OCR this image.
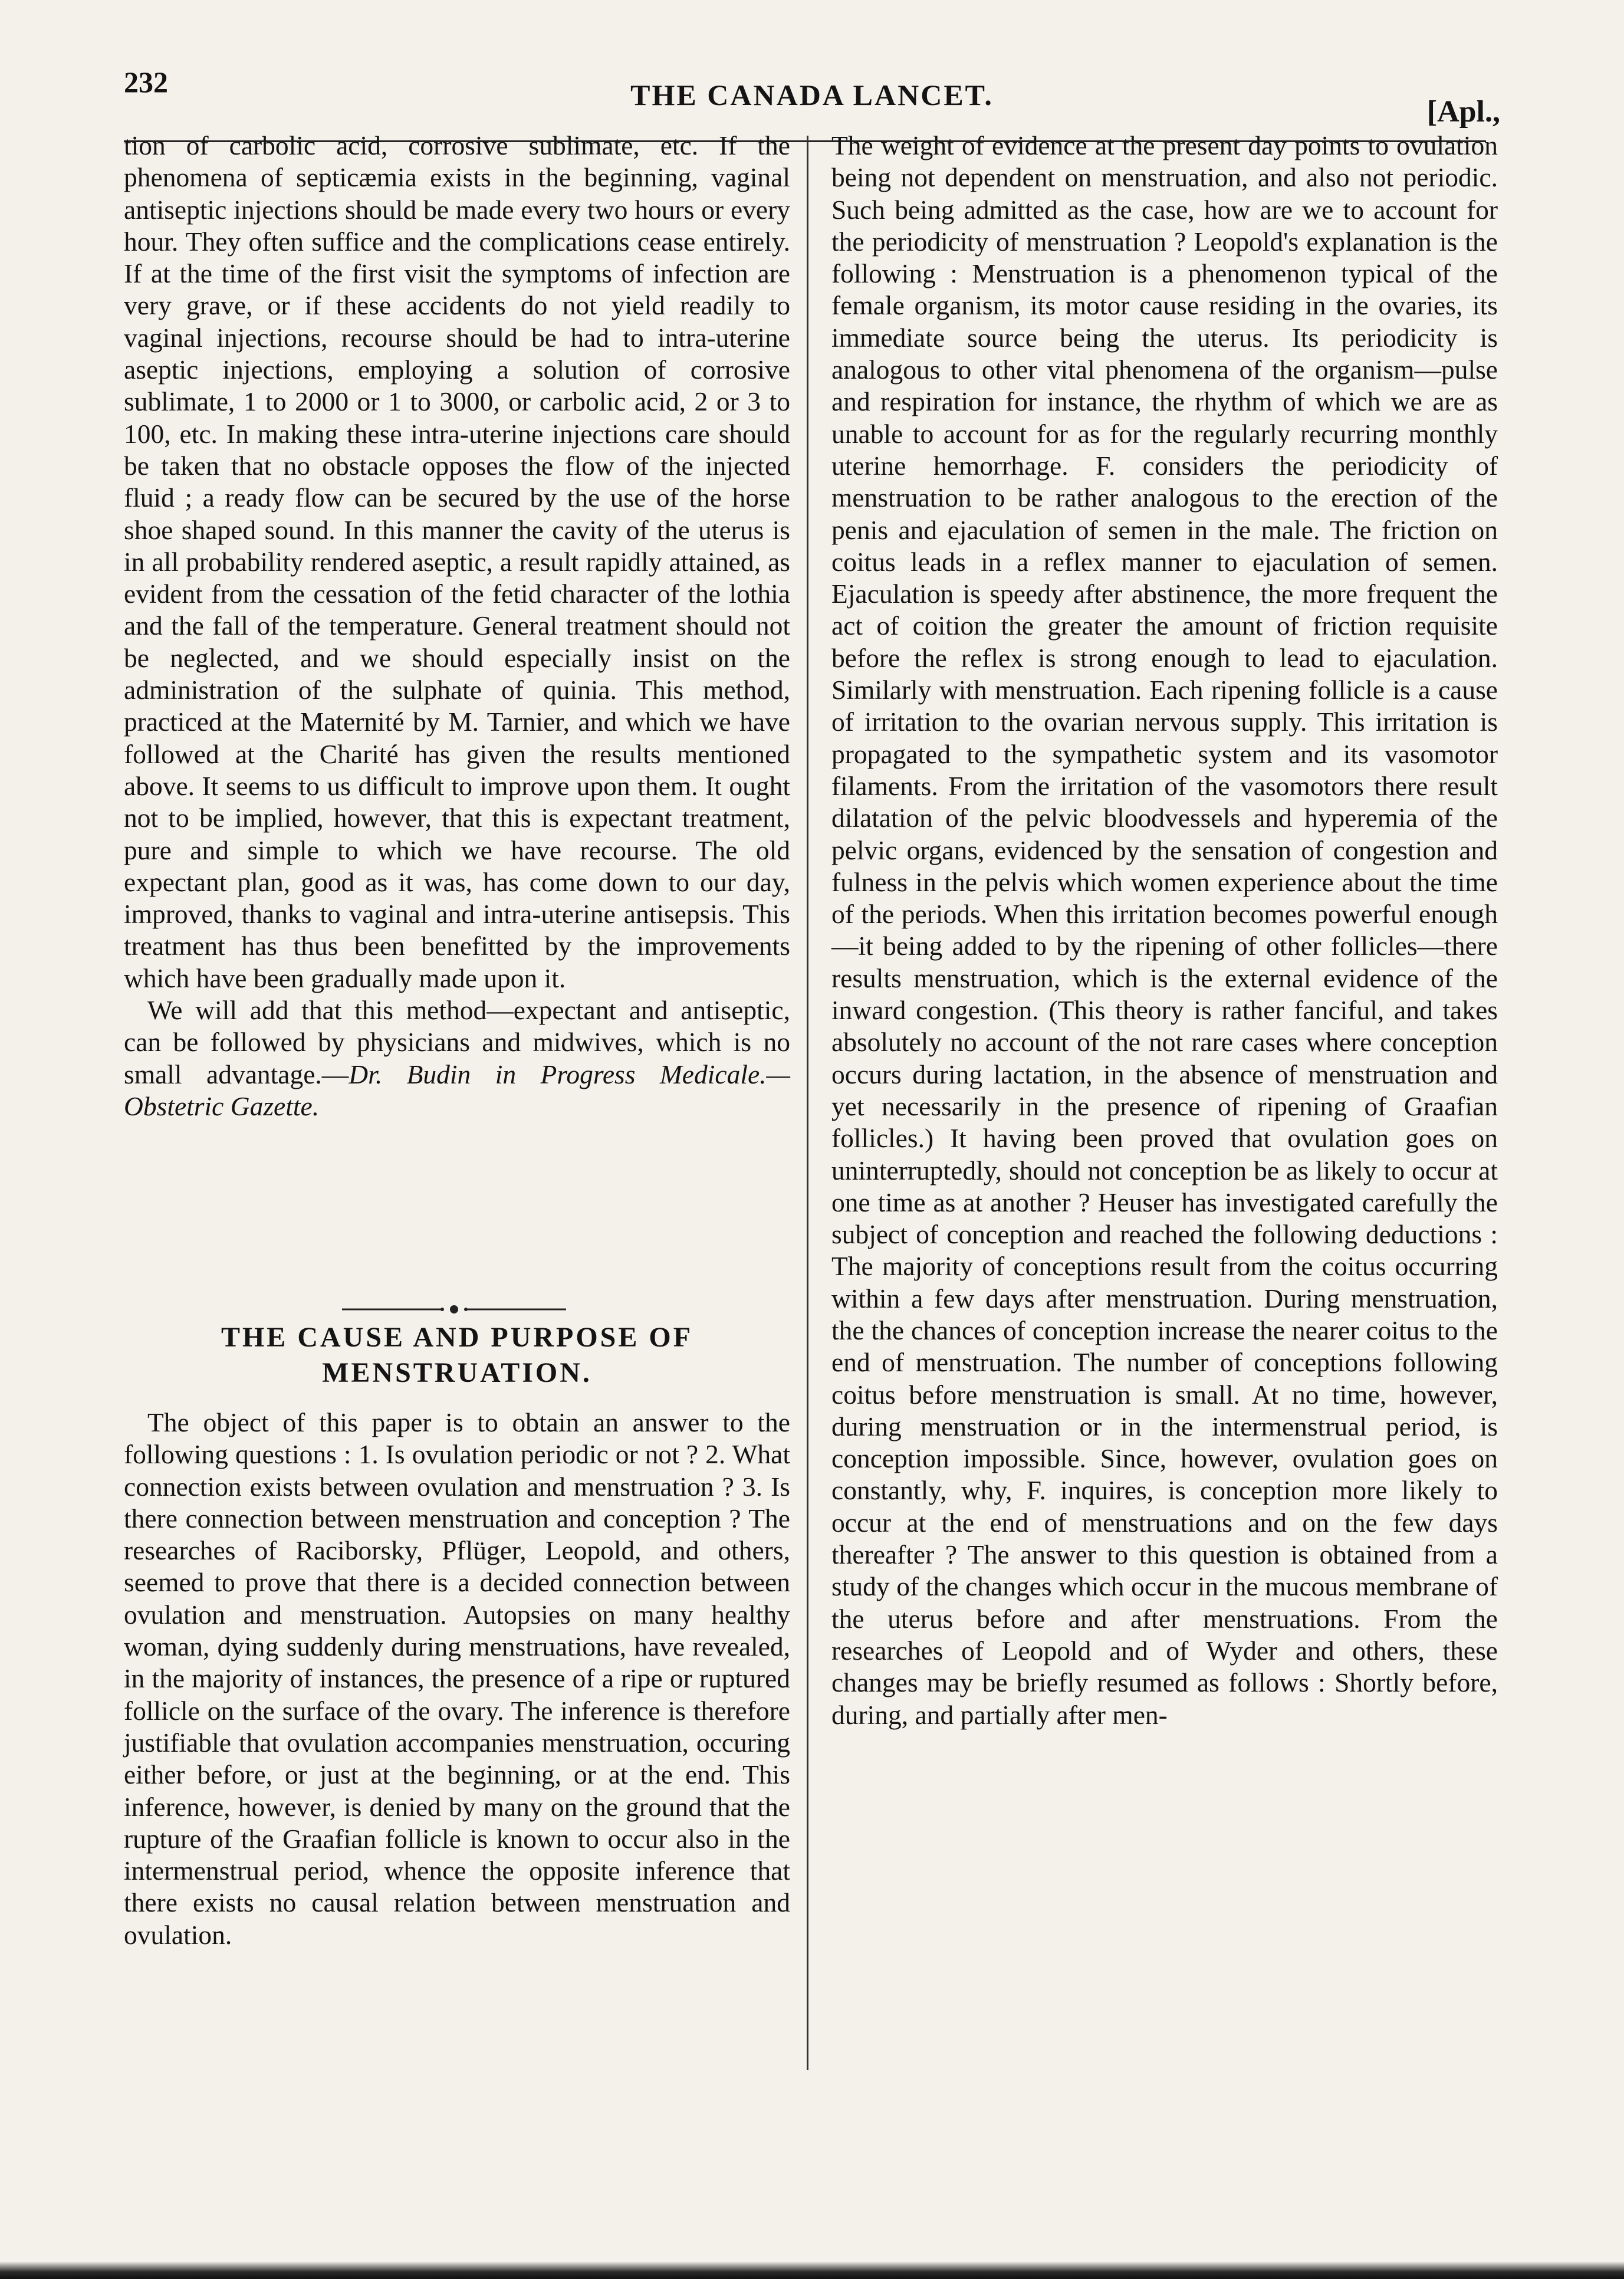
232	THE CANADA LANCET.	[Apl.,

tion of carbolic acid, corrosive sublimate, etc. If the phenomena of septicæmia exists in the beginning, vaginal antiseptic injections should be made every two hours or every hour. They often suffice and the complications cease entirely. If at the time of the first visit the symptoms of infection are very grave, or if these accidents do not yield readily to vaginal injections, recourse should be had to intra-uterine aseptic injections, employing a solution of corrosive sublimate, 1 to 2000 or 1 to 3000, or carbolic acid, 2 or 3 to 100, etc. In making these intra-uterine injections care should be taken that no obstacle opposes the flow of the injected fluid ; a ready flow can be secured by the use of the horse shoe shaped sound. In this manner the cavity of the uterus is in all probability rendered aseptic, a result rapidly attained, as evident from the cessation of the fetid character of the lothia and the fall of the temperature. General treatment should not be neglected, and we should especially insist on the administration of the sulphate of quinia. This method, practiced at the Maternité by M. Tarnier, and which we have followed at the Charité has given the results mentioned above. It seems to us difficult to improve upon them. It ought not to be implied, however, that this is expectant treatment, pure and simple to which we have recourse. The old expectant plan, good as it was, has come down to our day, improved, thanks to vaginal and intra-uterine antisepsis. This treatment has thus been benefitted by the improvements which have been gradually made upon it.

We will add that this method—expectant and antiseptic, can be followed by physicians and midwives, which is no small advantage.—Dr. Budin in Progress Medicale.—Obstetric Gazette.

THE CAUSE AND PURPOSE OF MENSTRUATION.

The object of this paper is to obtain an answer to the following questions : 1. Is ovulation periodic or not ? 2. What connection exists between ovulation and menstruation ? 3. Is there connection between menstruation and conception ? The researches of Raciborsky, Pflüger, Leopold, and others, seemed to prove that there is a decided connection between ovulation and menstruation. Autopsies on many healthy woman, dying suddenly during menstruations, have revealed, in the majority of instances, the presence of a ripe or ruptured follicle on the surface of the ovary. The inference is therefore justifiable that ovulation accompanies menstruation, occuring either before, or just at the beginning, or at the end. This inference, however, is denied by many on the ground that the rupture of the Graafian follicle is known to occur also in the intermenstrual period, whence the opposite inference that there exists no causal relation between menstruation and ovulation.

The weight of evidence at the present day points to ovulation being not dependent on menstruation, and also not periodic. Such being admitted as the case, how are we to account for the periodicity of menstruation ? Leopold's explanation is the following : Menstruation is a phenomenon typical of the female organism, its motor cause residing in the ovaries, its immediate source being the uterus. Its periodicity is analogous to other vital phenomena of the organism—pulse and respiration for instance, the rhythm of which we are as unable to account for as for the regularly recurring monthly uterine hemorrhage. F. considers the periodicity of menstruation to be rather analogous to the erection of the penis and ejaculation of semen in the male. The friction on coitus leads in a reflex manner to ejaculation of semen. Ejaculation is speedy after abstinence, the more frequent the act of coition the greater the amount of friction requisite before the reflex is strong enough to lead to ejaculation. Similarly with menstruation. Each ripening follicle is a cause of irritation to the ovarian nervous supply. This irritation is propagated to the sympathetic system and its vasomotor filaments. From the irritation of the vasomotors there result dilatation of the pelvic bloodvessels and hyperemia of the pelvic organs, evidenced by the sensation of congestion and fulness in the pelvis which women experience about the time of the periods. When this irritation becomes powerful enough—it being added to by the ripening of other follicles—there results menstruation, which is the external evidence of the inward congestion. (This theory is rather fanciful, and takes absolutely no account of the not rare cases where conception occurs during lactation, in the absence of menstruation and yet necessarily in the presence of ripening of Graafian follicles.) It having been proved that ovulation goes on uninterruptedly, should not conception be as likely to occur at one time as at another ? Heuser has investigated carefully the subject of conception and reached the following deductions : The majority of conceptions result from the coitus occurring within a few days after menstruation. During menstruation, the the chances of conception increase the nearer coitus to the end of menstruation. The number of conceptions following coitus before menstruation is small. At no time, however, during menstruation or in the intermenstrual period, is conception impossible. Since, however, ovulation goes on constantly, why, F. inquires, is conception more likely to occur at the end of menstruations and on the few days thereafter ? The answer to this question is obtained from a study of the changes which occur in the mucous membrane of the uterus before and after menstruations. From the researches of Leopold and of Wyder and others, these changes may be briefly resumed as follows : Shortly before, during, and partially after men-
